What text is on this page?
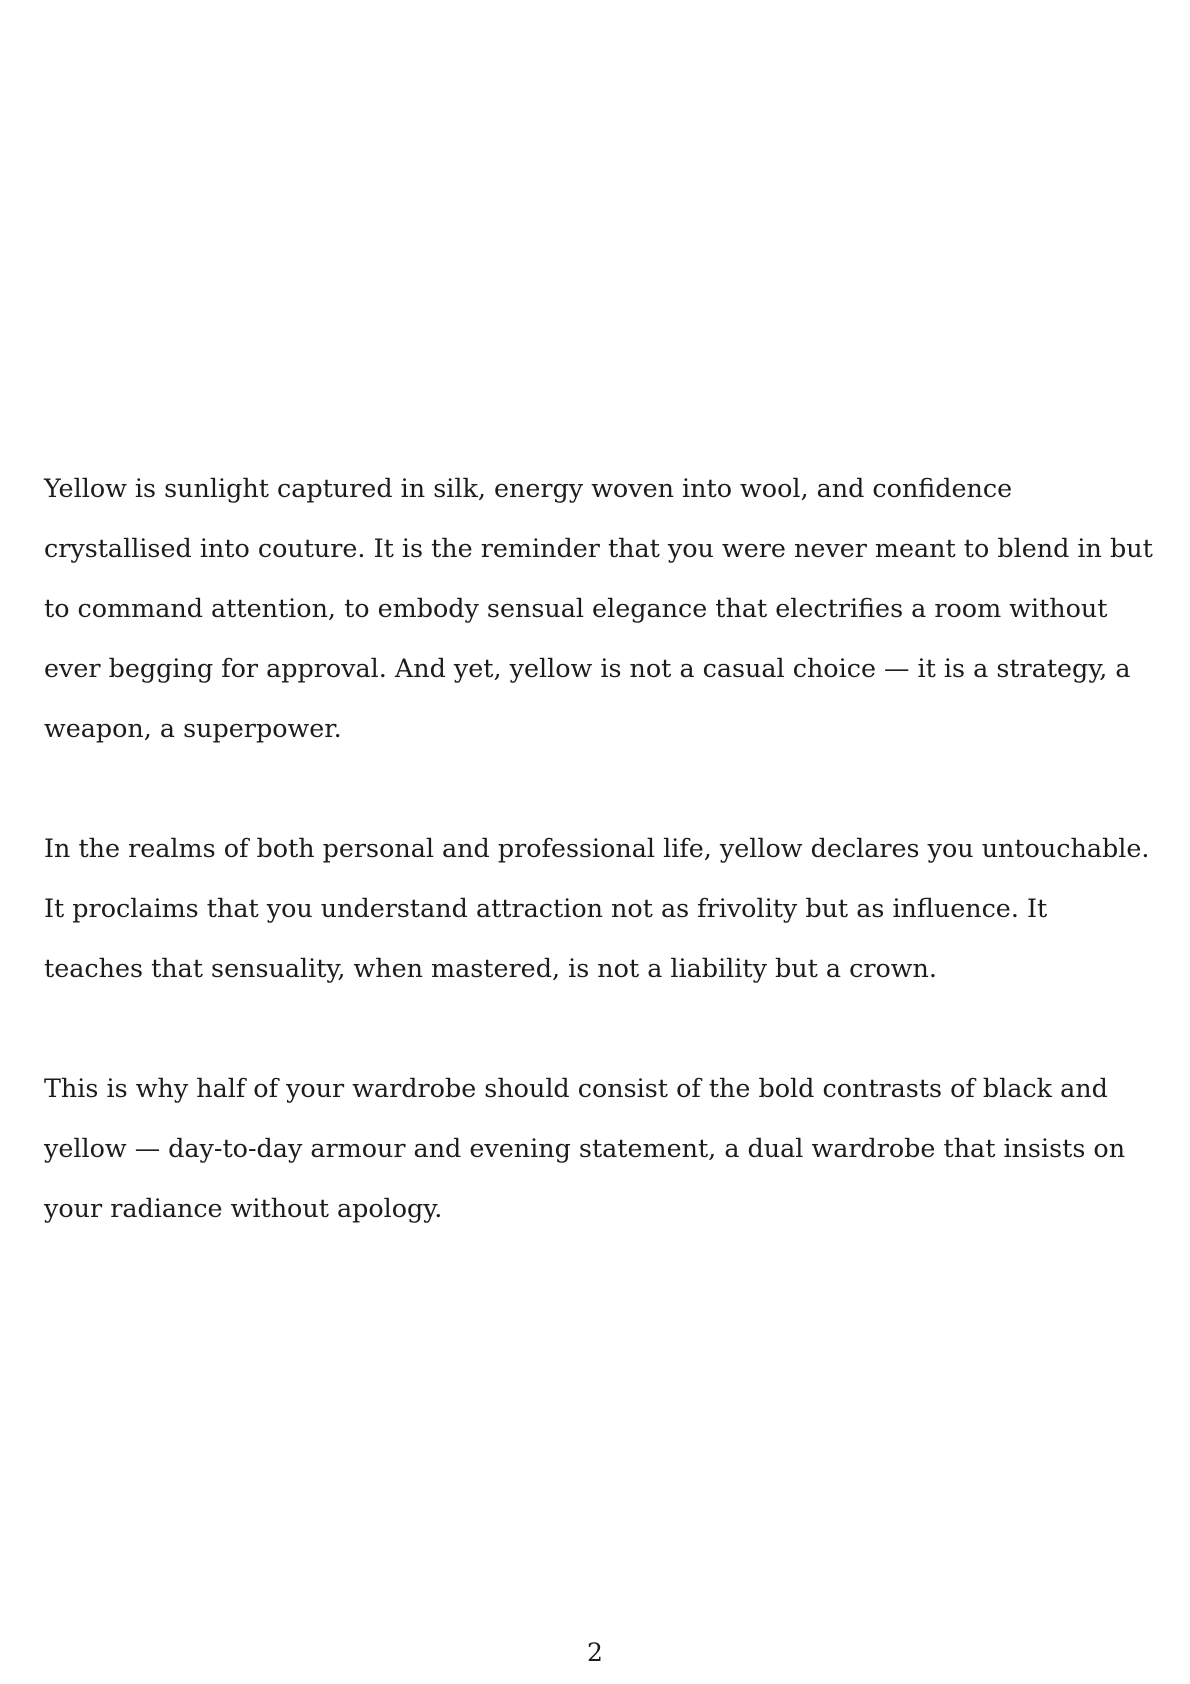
Yellow is sunlight captured in silk, energy woven into wool, and confidence crystallised into couture. It is the reminder that you were never meant to blend in but to command attention, to embody sensual elegance that electrifies a room without ever begging for approval. And yet, yellow is not a casual choice — it is a strategy, a weapon, a superpower.

In the realms of both personal and professional life, yellow declares you untouchable. It proclaims that you understand attraction not as frivolity but as influence. It teaches that sensuality, when mastered, is not a liability but a crown.

This is why half of your wardrobe should consist of the bold contrasts of black and yellow — day-to-day armour and evening statement, a dual wardrobe that insists on your radiance without apology.

2
